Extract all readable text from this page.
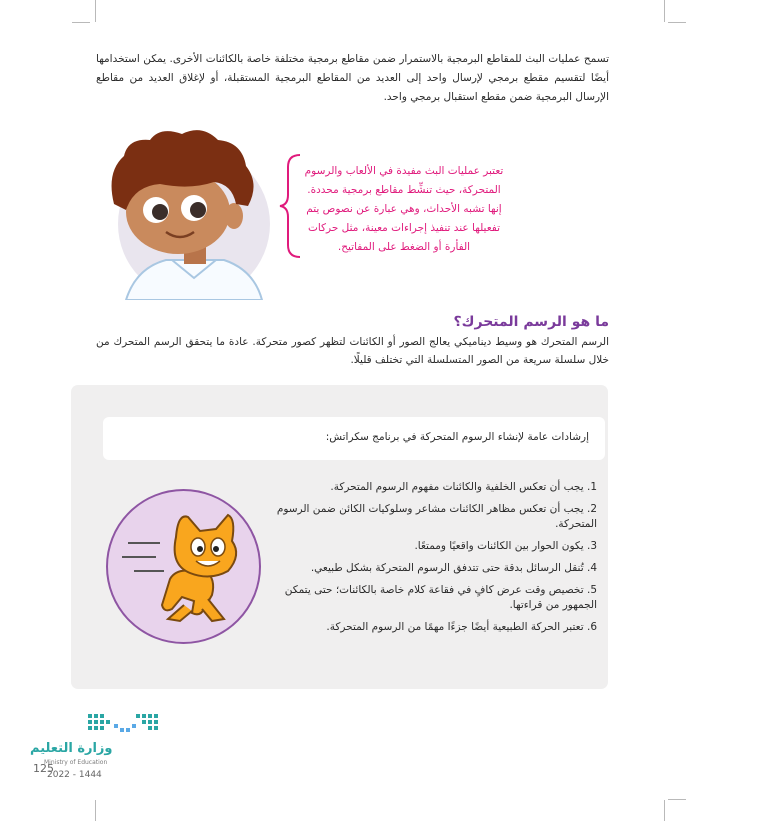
تسمح عمليات البث للمقاطع البرمجية بالاستمرار ضمن مقاطع برمجية مختلفة خاصة بالكائنات الأخرى. يمكن استخدامها أيضًا لتقسيم مقطع برمجي لإرسال واحد إلى العديد من المقاطع البرمجية المستقبلة، أو لإغلاق العديد من مقاطع الإرسال البرمجية ضمن مقطع استقبال برمجي واحد.

تعتبر عمليات البث مفيدة في الألعاب والرسوم المتحركة، حيث تنشِّط مقاطع برمجية محددة. إنها تشبه الأحداث، وهي عبارة عن نصوص يتم تفعيلها عند تنفيذ إجراءات معينة، مثل حركات الفأرة أو الضغط على المفاتيح.
ما هو الرسم المتحرك؟

الرسم المتحرك هو وسيط ديناميكي يعالج الصور أو الكائنات لتظهر كصور متحركة. عادة ما يتحقق الرسم المتحرك من خلال سلسلة سريعة من الصور المتسلسلة التي تختلف قليلًا.

إرشادات عامة لإنشاء الرسوم المتحركة في برنامج سكراتش:
1. يجب أن تعكس الخلفية والكائنات مفهوم الرسوم المتحركة.
2. يجب أن تعكس مظاهر الكائنات مشاعر وسلوكيات الكائن ضمن الرسوم المتحركة.
3. يكون الحوار بين الكائنات واقعيًا وممتعًا.
4. تُنقل الرسائل بدقة حتى تتدفق الرسوم المتحركة بشكل طبيعي.
5. تخصيص وقت عرض كافٍ في فقاعة كلام خاصة بالكائنات؛ حتى يتمكن الجمهور من قراءتها.
6. تعتبر الحركة الطبيعية أيضًا جزءًا مهمًا من الرسوم المتحركة.
وزارة التعليم
Ministry of Education
125
2022 - 1444
